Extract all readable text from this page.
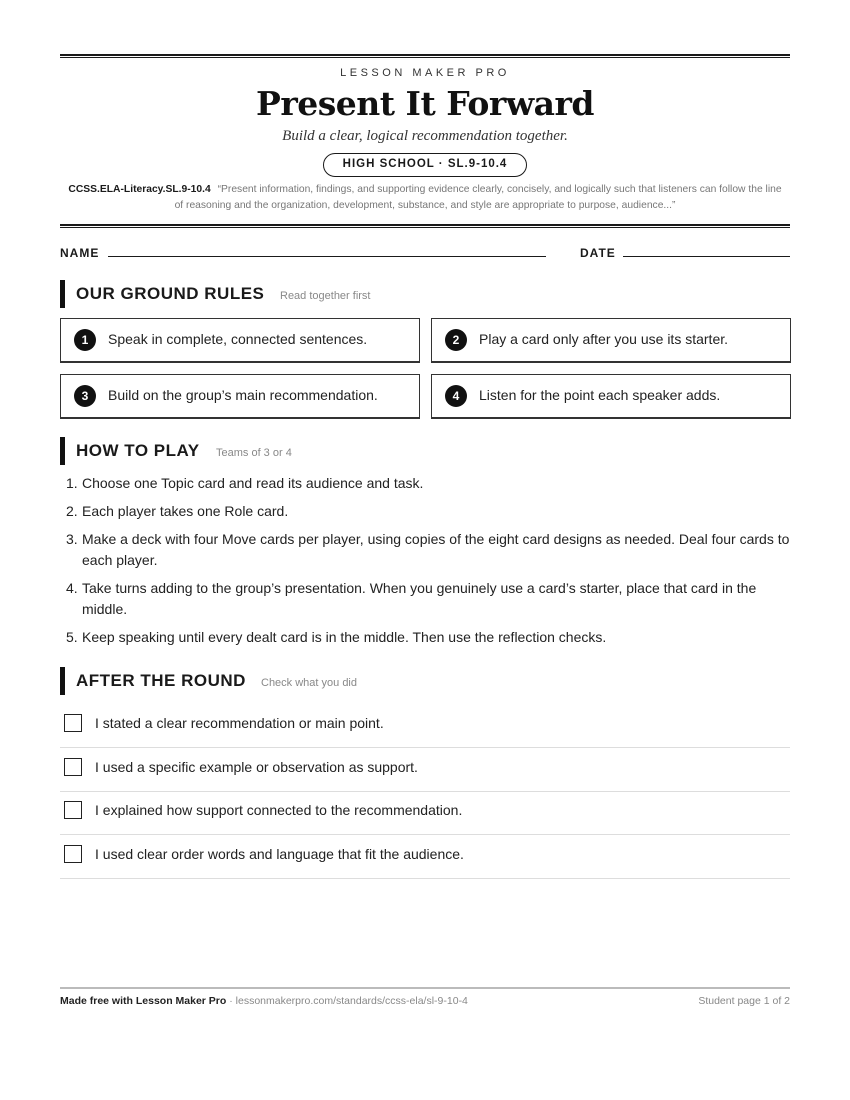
LESSON MAKER PRO
Present It Forward
Build a clear, logical recommendation together.
HIGH SCHOOL · SL.9-10.4
CCSS.ELA-Literacy.SL.9-10.4 “Present information, findings, and supporting evidence clearly, concisely, and logically such that listeners can follow the line of reasoning and the organization, development, substance, and style are appropriate to purpose, audience...”
NAME	DATE
OUR GROUND RULES Read together first
1	Speak in complete, connected sentences.	2	Play a card only after you use its starter.
3	Build on the group’s main recommendation.	4	Listen for the point each speaker adds.
HOW TO PLAY Teams of 3 or 4
1. Choose one Topic card and read its audience and task.
2. Each player takes one Role card.
3. Make a deck with four Move cards per player, using copies of the eight card designs as needed. Deal four cards to each player.
4. Take turns adding to the group’s presentation. When you genuinely use a card’s starter, place that card in the middle.
5. Keep speaking until every dealt card is in the middle. Then use the reflection checks.
AFTER THE ROUND Check what you did
I stated a clear recommendation or main point.
I used a specific example or observation as support.
I explained how support connected to the recommendation.
I used clear order words and language that fit the audience.
Made free with Lesson Maker Pro · lessonmakerpro.com/standards/ccss-ela/sl-9-10-4	Student page 1 of 2
